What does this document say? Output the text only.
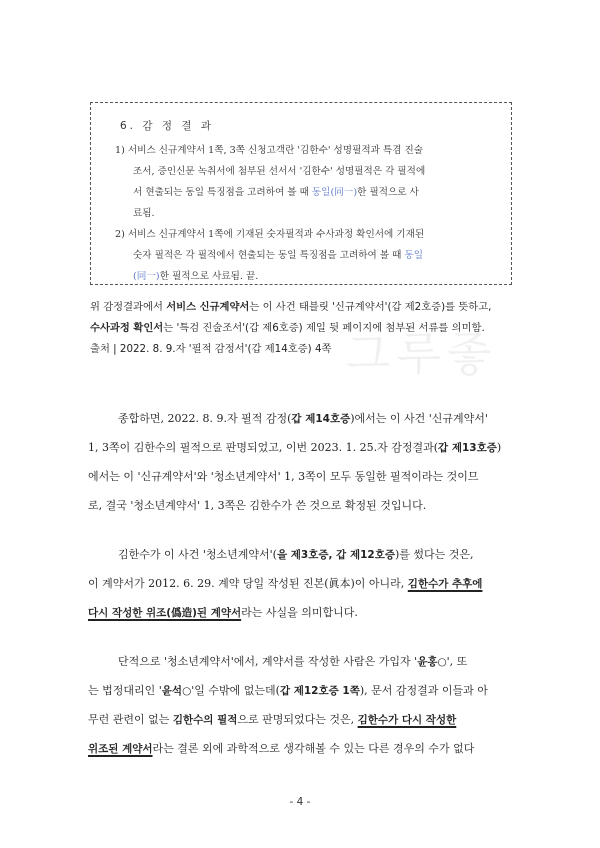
그루좋
6. 감 정 결 과
1) 서비스 신규계약서 1쪽, 3쪽 신청고객란 '김한수' 성명필적과 특겸 진술
조서, 증인신문 녹취서에 첨부된 선서서 '김한수' 성명필적은 각 필적에
서 현출되는 동일 특징점을 고려하여 볼 때 동일(同一)한 필적으로 사
료됨.
2) 서비스 신규계약서 1쪽에 기재된 숫자필적과 수사과정 확인서에 기재된
숫자 필적은 각 필적에서 현출되는 동일 특징점을 고려하여 볼 때 동일
(同一)한 필적으로 사료됨. 끝.
위 감정결과에서 서비스 신규계약서는 이 사건 태블릿 '신규계약서'(갑 제2호증)를 뜻하고,
수사과정 확인서는 '특검 진술조서'(갑 제6호증) 제일 뒷 페이지에 첨부된 서류를 의미함.
출처 | 2022. 8. 9.자 '필적 감정서'(갑 제14호증) 4쪽
종합하면, 2022. 8. 9.자 필적 감정(갑 제14호증)에서는 이 사건 '신규계약서'
1, 3쪽이 김한수의 필적으로 판명되었고, 이번 2023. 1. 25.자 감정결과(갑 제13호증)
에서는 이 '신규계약서'와 '청소년계약서' 1, 3쪽이 모두 동일한 필적이라는 것이므
로, 결국 '청소년계약서' 1, 3쪽은 김한수가 쓴 것으로 확정된 것입니다.
김한수가 이 사건 '청소년계약서'(을 제3호증, 갑 제12호증)를 썼다는 것은,
이 계약서가 2012. 6. 29. 계약 당일 작성된 진본(眞本)이 아니라, 김한수가 추후에
다시 작성한 위조(僞造)된 계약서라는 사실을 의미합니다.
단적으로 '청소년계약서'에서, 계약서를 작성한 사람은 가입자 '윤홍○', 또
는 법정대리인 '윤석○'일 수밖에 없는데(갑 제12호증 1쪽), 문서 감정결과 이들과 아
무런 관련이 없는 김한수의 필적으로 판명되었다는 것은, 김한수가 다시 작성한
위조된 계약서라는 결론 외에 과학적으로 생각해볼 수 있는 다른 경우의 수가 없다
- 4 -
